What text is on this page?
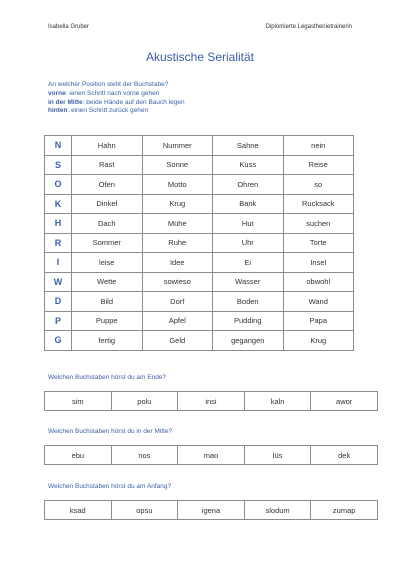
Isabella Gruber	Diplomierte Legasthenietrainerin
Akustische Serialität
An welcher Position steht der Buchstabe?
vorne: einen Schritt nach vorne gehen
in der Mitte: beide Hände auf den Bauch legen
hinten: einen Schritt zurück gehen
N	Hahn	Nummer	Sahne	nein
S	Rast	Sonne	Kuss	Reise
O	Ofen	Motto	Ohren	so
K	Dinkel	Krug	Bank	Rucksack
H	Dach	Mühe	Hut	suchen
R	Sommer	Ruhe	Uhr	Torte
I	leise	Idee	Ei	Insel
W	Wette	sowieso	Wasser	obwohl
D	Bild	Dorf	Boden	Wand
P	Puppe	Apfel	Pudding	Papa
G	fertig	Geld	gegangen	Krug
Welchen Buchstaben hörst du am Ende?
sim	polu	insi	kaln	awor
Welchen Buchstaben hörst du in der Mitte?
ebu	nos	mao	lüs	dek
Welchen Buchstaben hörst du am Anfang?
ksad	opsu	igena	slodum	zumap
